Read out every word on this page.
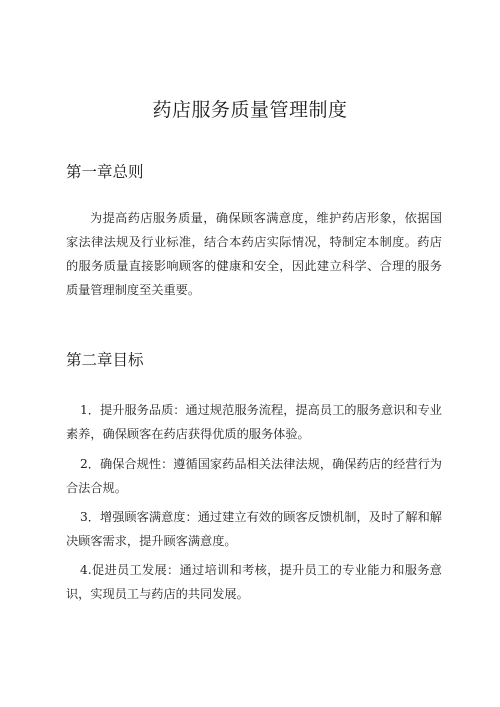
药店服务质量管理制度
第一章总则

为提高药店服务质量，确保顾客满意度，维护药店形象，依据国家法律法规及行业标准，结合本药店实际情况，特制定本制度。药店的服务质量直接影响顾客的健康和安全，因此建立科学、合理的服务质量管理制度至关重要。

第二章目标

1．提升服务品质：通过规范服务流程，提高员工的服务意识和专业素养，确保顾客在药店获得优质的服务体验。

2．确保合规性：遵循国家药品相关法律法规，确保药店的经营行为合法合规。

3．增强顾客满意度：通过建立有效的顾客反馈机制，及时了解和解决顾客需求，提升顾客满意度。

4.促进员工发展：通过培训和考核，提升员工的专业能力和服务意识，实现员工与药店的共同发展。
